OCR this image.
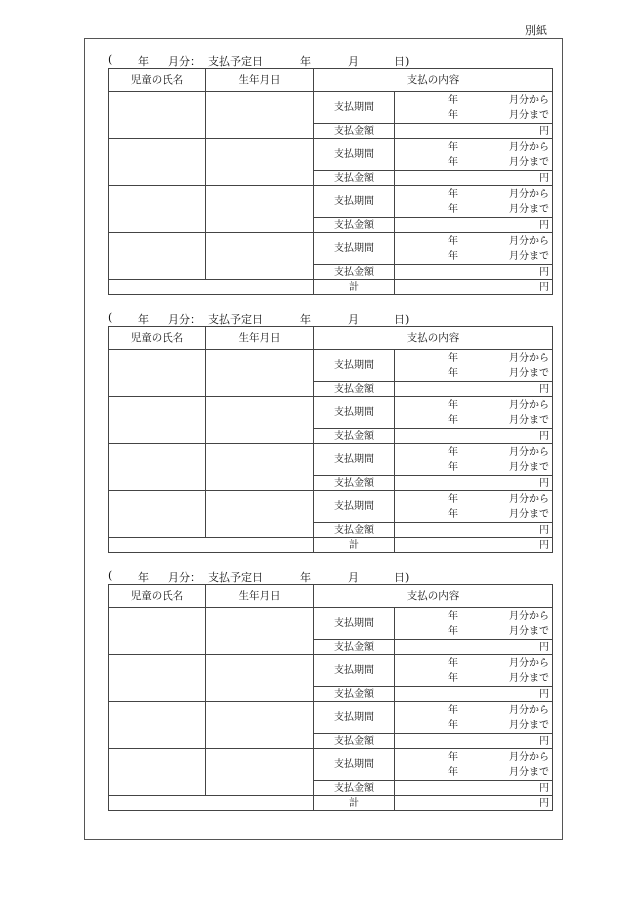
別紙
( 年 月分： 支払予定日	年	月	日)
児童の氏名	生年月日	支払の内容	
		支払期間	年 月分から
年 月分まで

		支払金額	円
		支払期間	年 月分から
年 月分まで

		支払金額	円
		支払期間	年 月分から
年 月分まで

		支払金額	円
		支払期間	年 月分から
年 月分まで

		支払金額	円
		計	円
( 年 月分： 支払予定日	年	月	日)
児童の氏名	生年月日	支払の内容	
		支払期間	年 月分から
年 月分まで

		支払金額	円
		支払期間	年 月分から
年 月分まで

		支払金額	円
		支払期間	年 月分から
年 月分まで

		支払金額	円
		支払期間	年 月分から
年 月分まで

		支払金額	円
		計	円
( 年 月分： 支払予定日	年	月	日)
児童の氏名	生年月日	支払の内容	
		支払期間	年 月分から
年 月分まで

		支払金額	円
		支払期間	年 月分から
年 月分まで

		支払金額	円
		支払期間	年 月分から
年 月分まで

		支払金額	円
		支払期間	年 月分から
年 月分まで

		支払金額	円
		計	円
